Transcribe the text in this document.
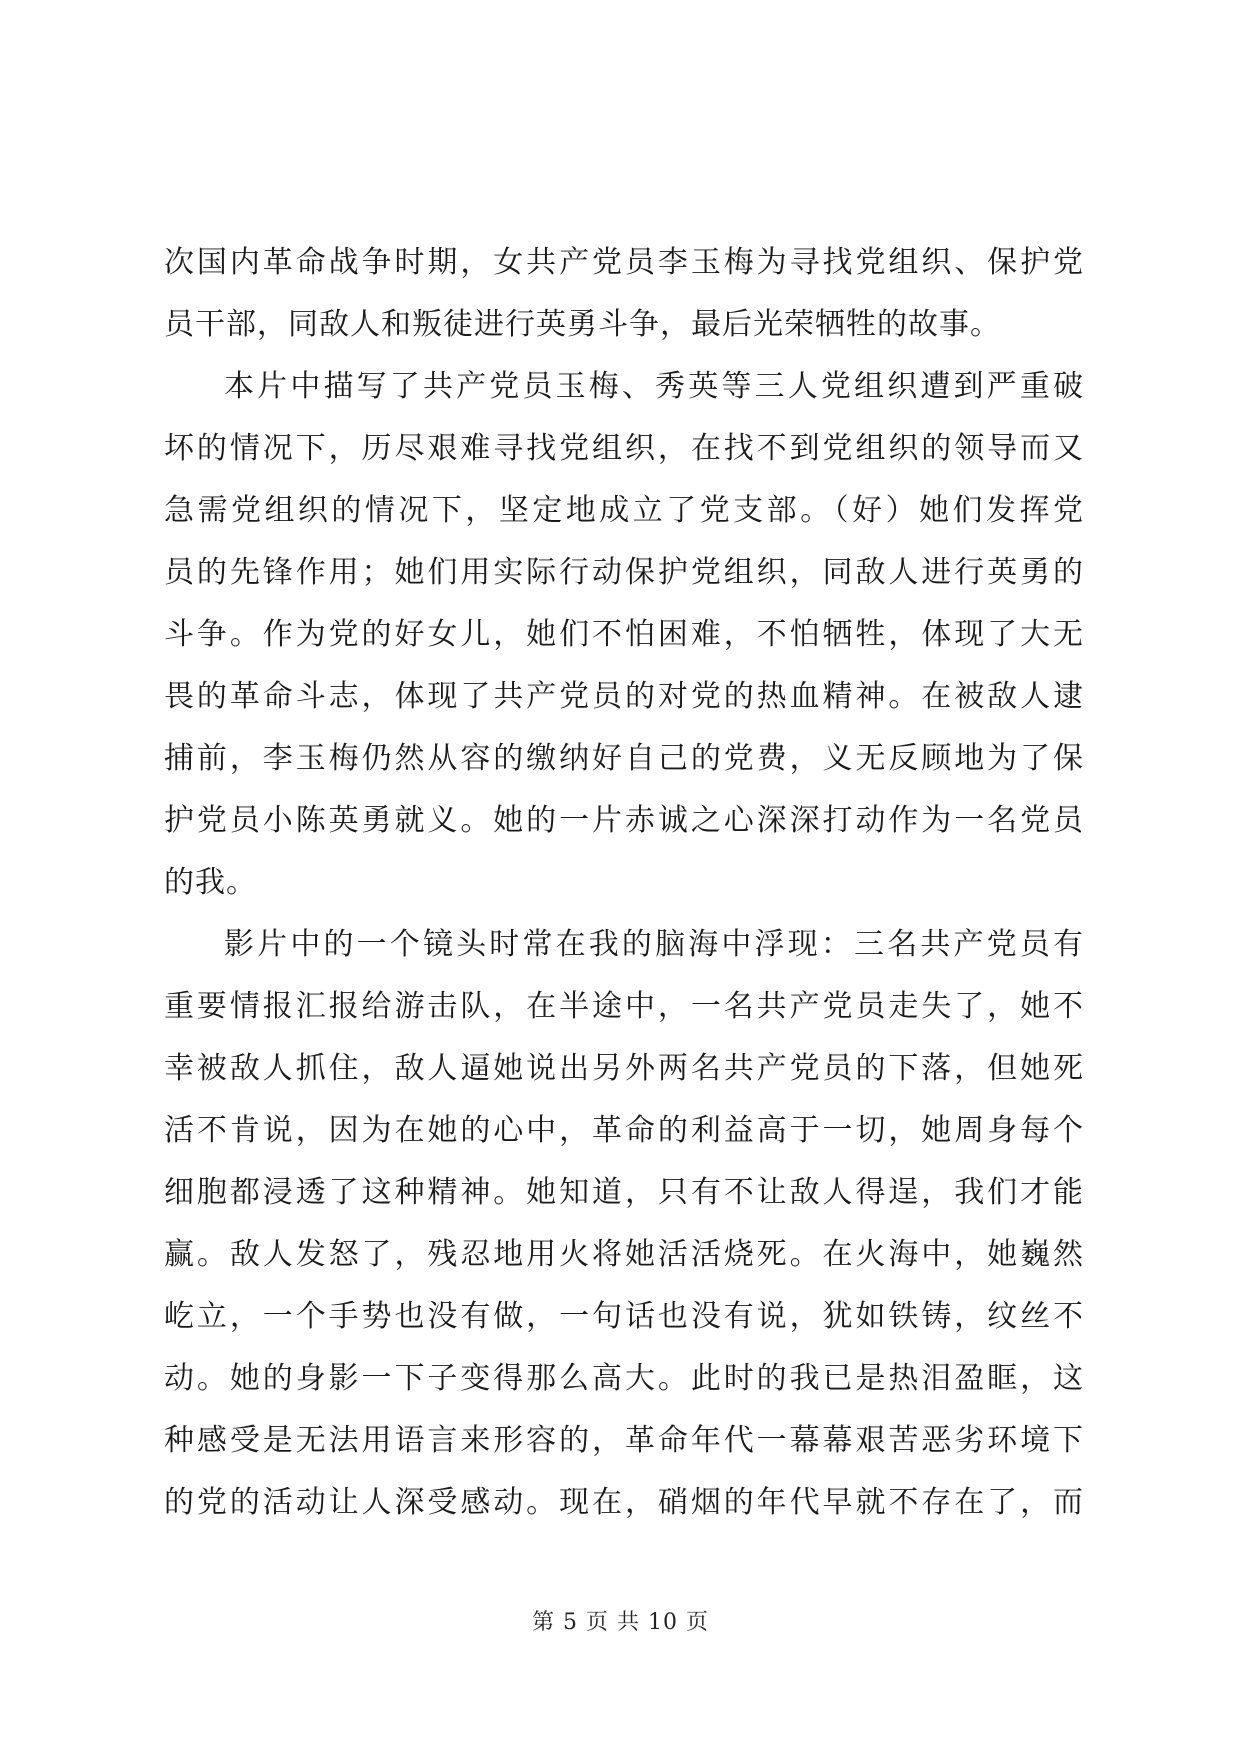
次国内革命战争时期，女共产党员李玉梅为寻找党组织、保护党
员干部，同敌人和叛徒进行英勇斗争，最后光荣牺牲的故事。
本片中描写了共产党员玉梅、秀英等三人党组织遭到严重破
坏的情况下，历尽艰难寻找党组织，在找不到党组织的领导而又
急需党组织的情况下，坚定地成立了党支部。（好）她们发挥党
员的先锋作用；她们用实际行动保护党组织，同敌人进行英勇的
斗争。作为党的好女儿，她们不怕困难，不怕牺牲，体现了大无
畏的革命斗志，体现了共产党员的对党的热血精神。在被敌人逮
捕前，李玉梅仍然从容的缴纳好自己的党费，义无反顾地为了保
护党员小陈英勇就义。她的一片赤诚之心深深打动作为一名党员
的我。
影片中的一个镜头时常在我的脑海中浮现：三名共产党员有
重要情报汇报给游击队，在半途中，一名共产党员走失了，她不
幸被敌人抓住，敌人逼她说出另外两名共产党员的下落，但她死
活不肯说，因为在她的心中，革命的利益高于一切，她周身每个
细胞都浸透了这种精神。她知道，只有不让敌人得逞，我们才能
赢。敌人发怒了，残忍地用火将她活活烧死。在火海中，她巍然
屹立，一个手势也没有做，一句话也没有说，犹如铁铸，纹丝不
动。她的身影一下子变得那么高大。此时的我已是热泪盈眶，这
种感受是无法用语言来形容的，革命年代一幕幕艰苦恶劣环境下
的党的活动让人深受感动。现在，硝烟的年代早就不存在了，而
第 5 页 共 10 页
